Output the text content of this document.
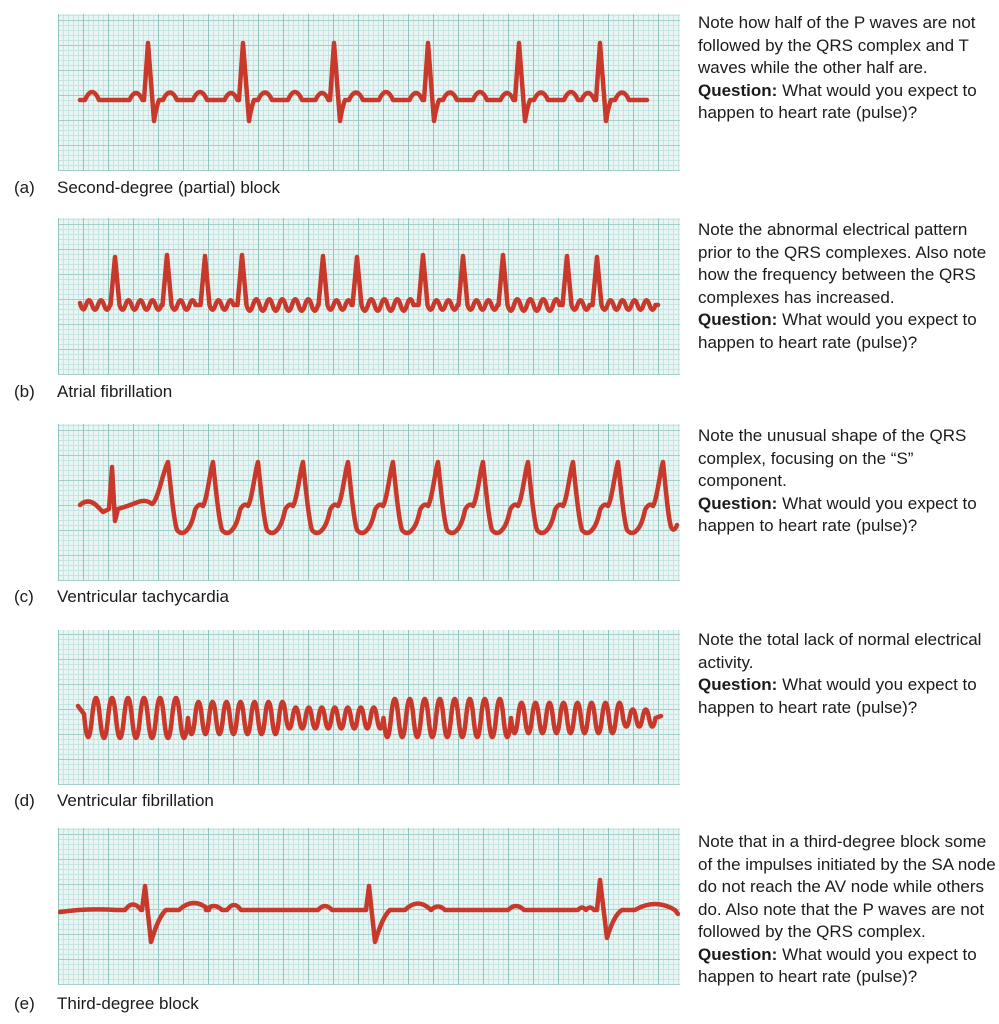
(a) Second-degree (partial) block

Note how half of the P waves are not followed by the QRS complex and T waves while the other half are.
Question: What would you expect to happen to heart rate (pulse)?

(b) Atrial fibrillation

Note the abnormal electrical pattern prior to the QRS complexes. Also note how the frequency between the QRS complexes has increased.
Question: What would you expect to happen to heart rate (pulse)?

(c) Ventricular tachycardia

Note the unusual shape of the QRS complex, focusing on the “S” component.
Question: What would you expect to happen to heart rate (pulse)?

(d) Ventricular fibrillation

Note the total lack of normal electrical activity.
Question: What would you expect to happen to heart rate (pulse)?

(e) Third-degree block

Note that in a third-degree block some of the impulses initiated by the SA node do not reach the AV node while others do. Also note that the P waves are not followed by the QRS complex.
Question: What would you expect to happen to heart rate (pulse)?
